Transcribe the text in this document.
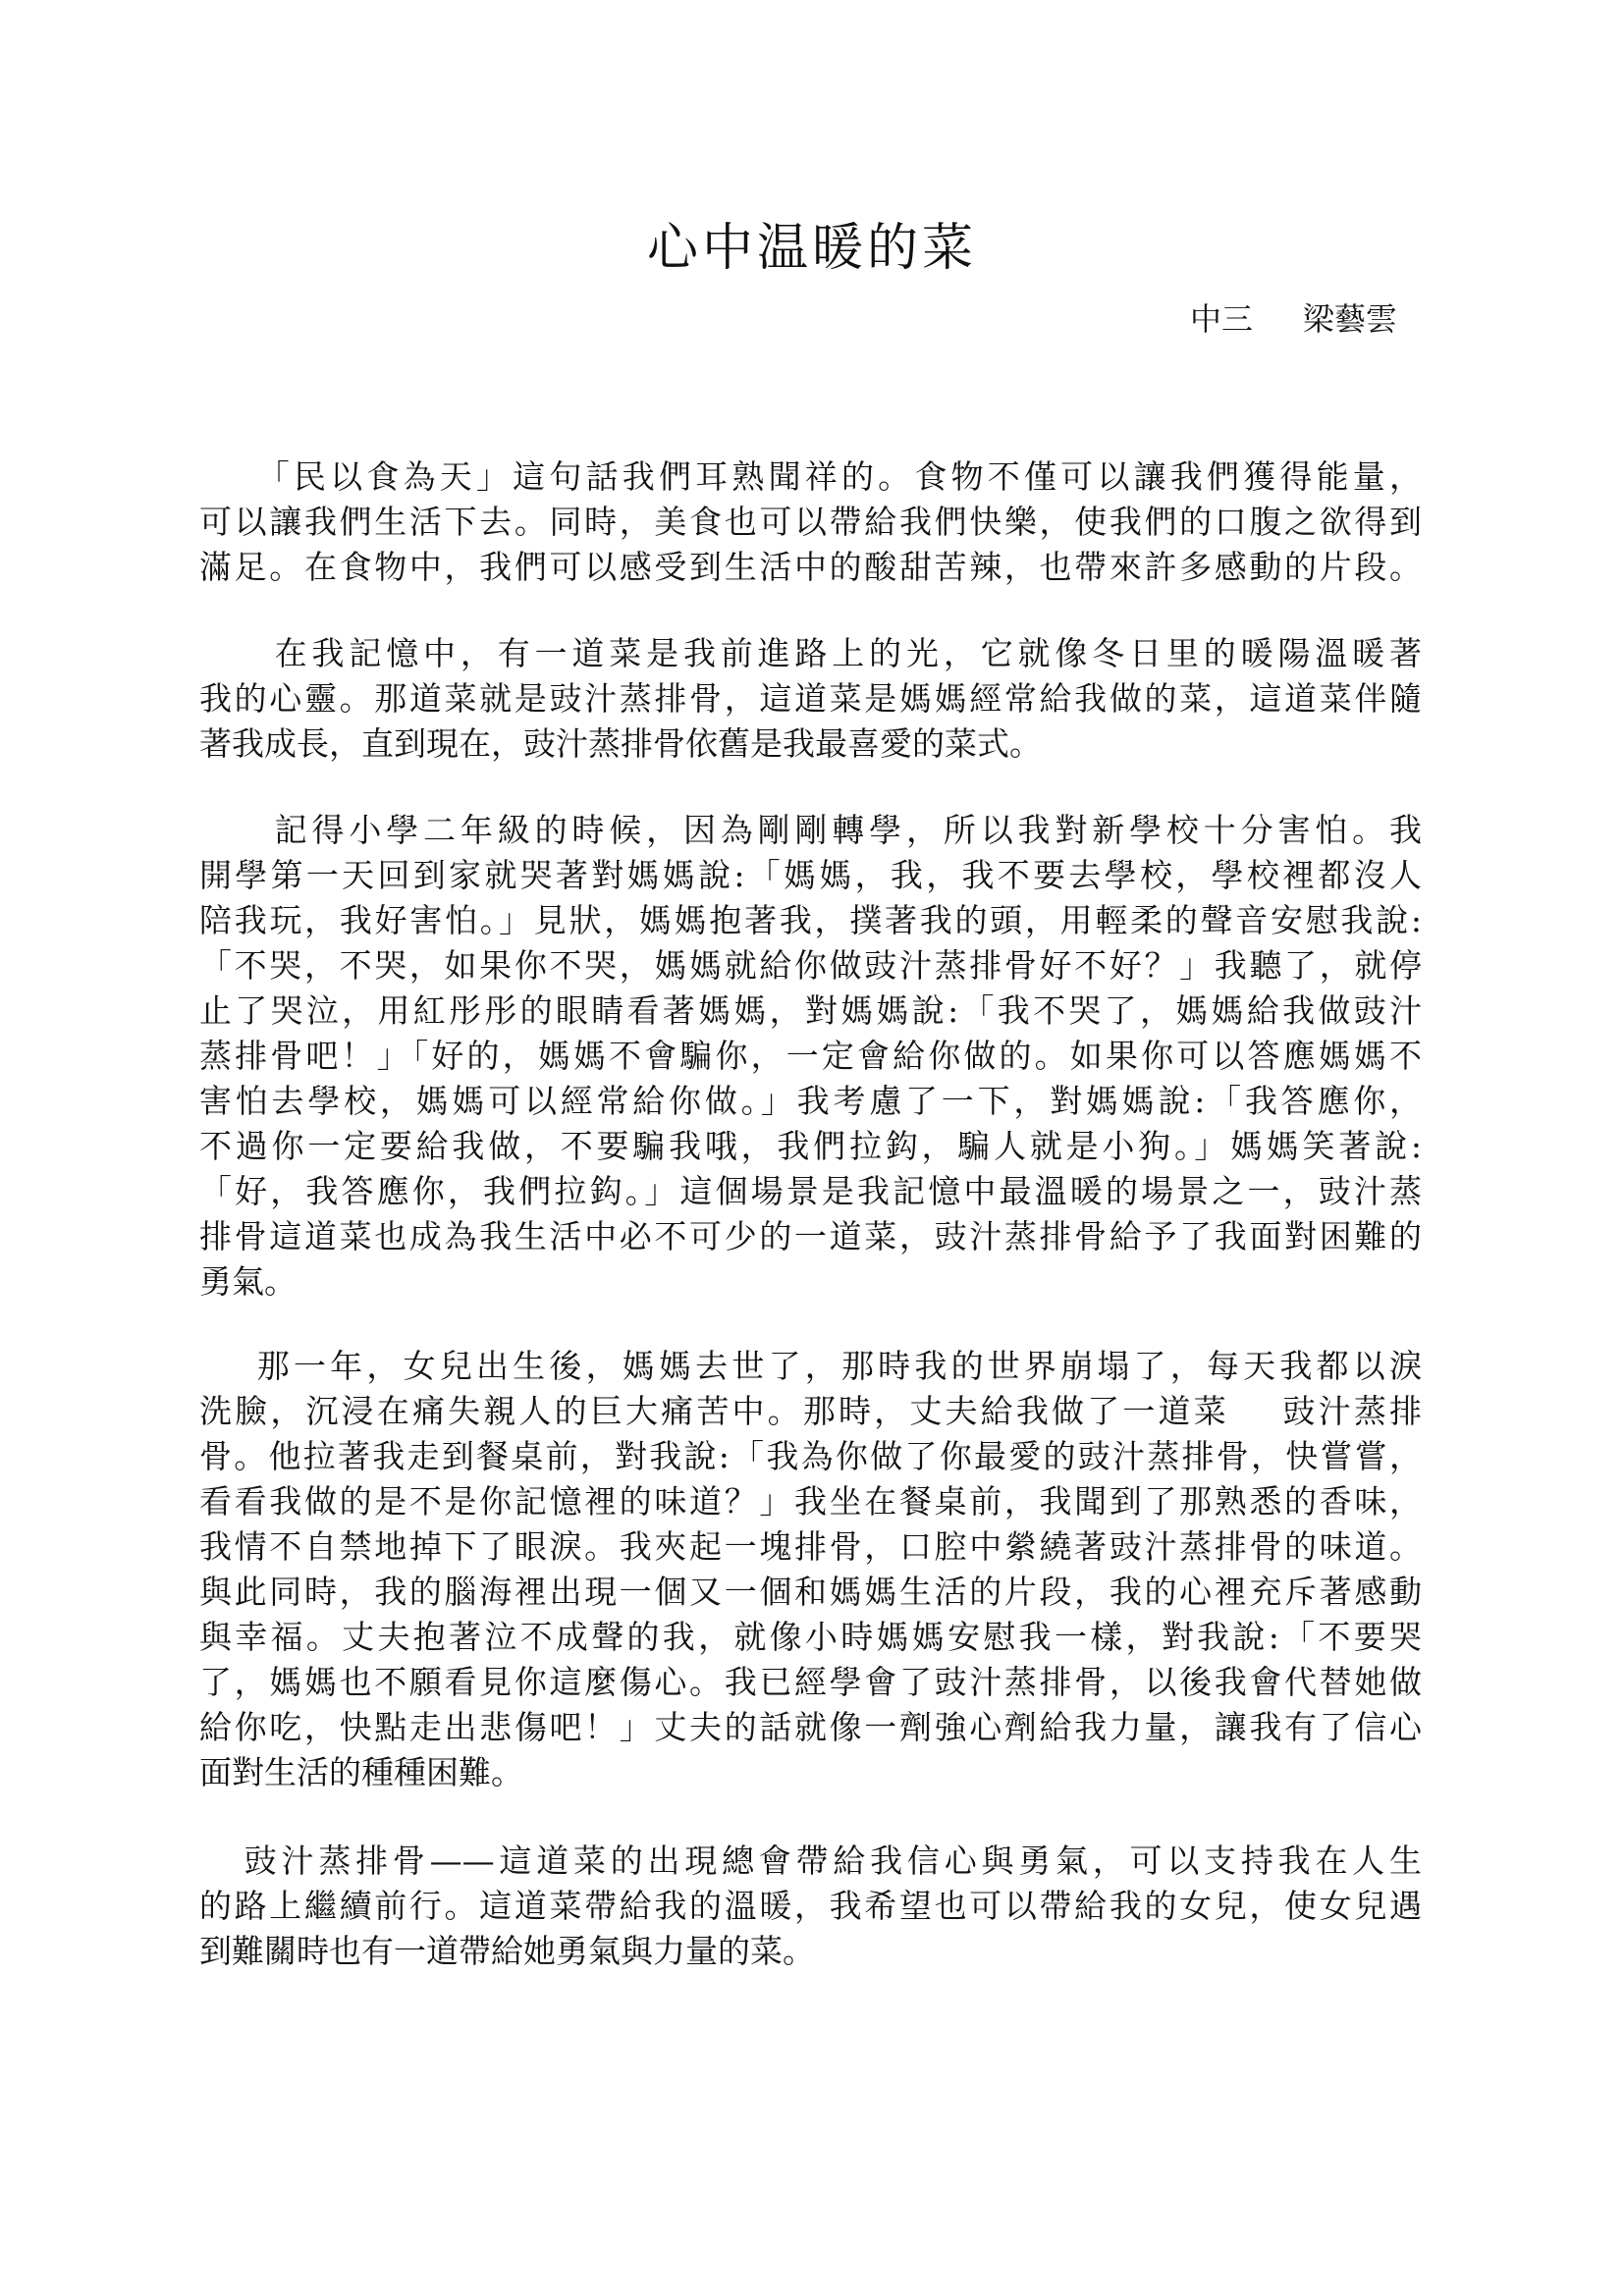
心中温暖的菜
中三     梁藝雲
「民以食為天」這句話我們耳熟聞祥的。食物不僅可以讓我們獲得能量，
可以讓我們生活下去。同時，美食也可以帶給我們快樂，使我們的口腹之欲得到
滿足。在食物中，我們可以感受到生活中的酸甜苦辣，也帶來許多感動的片段。
在我記憶中，有一道菜是我前進路上的光，它就像冬日里的暖陽溫暖著
我的心靈。那道菜就是豉汁蒸排骨，這道菜是媽媽經常給我做的菜，這道菜伴隨
著我成長，直到現在，豉汁蒸排骨依舊是我最喜愛的菜式。
記得小學二年級的時候，因為剛剛轉學，所以我對新學校十分害怕。我
開學第一天回到家就哭著對媽媽說:「媽媽，我，我不要去學校，學校裡都沒人
陪我玩，我好害怕。」見狀，媽媽抱著我，撲著我的頭，用輕柔的聲音安慰我說:
「不哭，不哭，如果你不哭，媽媽就給你做豉汁蒸排骨好不好？」我聽了，就停
止了哭泣，用紅彤彤的眼睛看著媽媽，對媽媽說:「我不哭了，媽媽給我做豉汁
蒸排骨吧！」「好的，媽媽不會騙你，一定會給你做的。如果你可以答應媽媽不
害怕去學校，媽媽可以經常給你做。」我考慮了一下，對媽媽說:「我答應你，
不過你一定要給我做，不要騙我哦，我們拉鈎，騙人就是小狗。」媽媽笑著說:
「好，我答應你，我們拉鈎。」這個場景是我記憶中最溫暖的場景之一，豉汁蒸
排骨這道菜也成為我生活中必不可少的一道菜，豉汁蒸排骨給予了我面對困難的
勇氣。
那一年，女兒出生後，媽媽去世了，那時我的世界崩塌了，每天我都以淚
洗臉，沉浸在痛失親人的巨大痛苦中。那時，丈夫給我做了一道菜    豉汁蒸排
骨。他拉著我走到餐桌前，對我說:「我為你做了你最愛的豉汁蒸排骨，快嘗嘗，
看看我做的是不是你記憶裡的味道？」我坐在餐桌前，我聞到了那熟悉的香味，
我情不自禁地掉下了眼淚。我夾起一塊排骨，口腔中縈繞著豉汁蒸排骨的味道。
與此同時，我的腦海裡出現一個又一個和媽媽生活的片段，我的心裡充斥著感動
與幸福。丈夫抱著泣不成聲的我，就像小時媽媽安慰我一樣，對我說:「不要哭
了，媽媽也不願看見你這麼傷心。我已經學會了豉汁蒸排骨，以後我會代替她做
給你吃，快點走出悲傷吧！」丈夫的話就像一劑強心劑給我力量，讓我有了信心
面對生活的種種困難。
豉汁蒸排骨——這道菜的出現總會帶給我信心與勇氣，可以支持我在人生
的路上繼續前行。這道菜帶給我的溫暖，我希望也可以帶給我的女兒，使女兒遇
到難關時也有一道帶給她勇氣與力量的菜。
